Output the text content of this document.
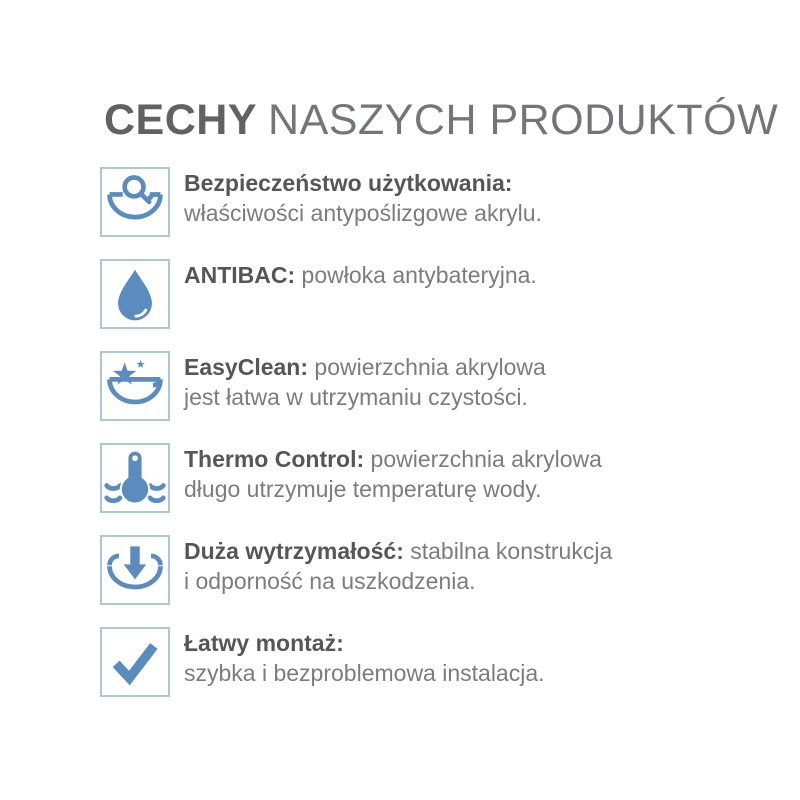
CECHY NASZYCH PRODUKTÓW
Bezpieczeństwo użytkowania:
właściwości antypoślizgowe akrylu.
ANTIBAC: powłoka antybateryjna.
EasyClean: powierzchnia akrylowa
jest łatwa w utrzymaniu czystości.
Thermo Control: powierzchnia akrylowa
długo utrzymuje temperaturę wody.
Duża wytrzymałość: stabilna konstrukcja
i odporność na uszkodzenia.
Łatwy montaż:
szybka i bezproblemowa instalacja.
